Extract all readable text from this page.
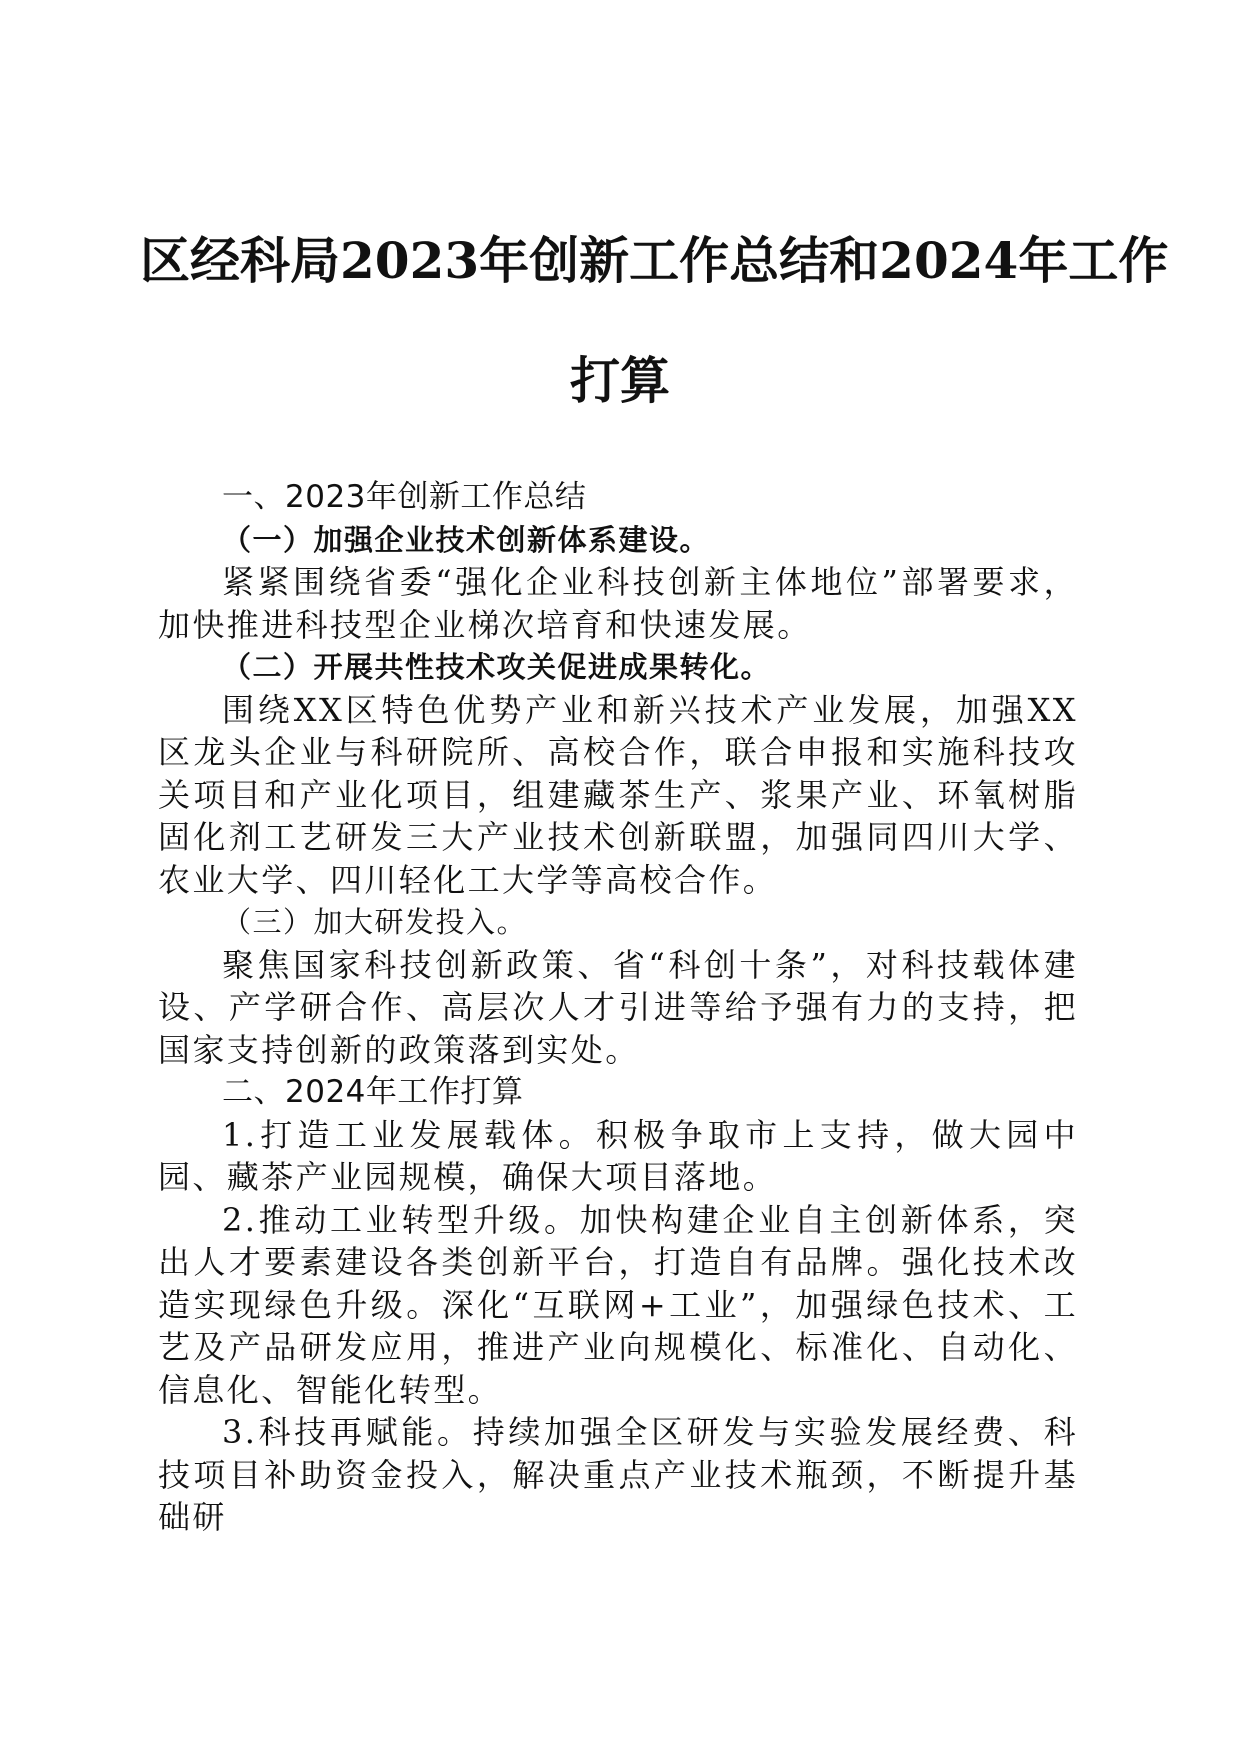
区经科局2023年创新工作总结和2024年工作
打算

一、2023年创新工作总结

（一）加强企业技术创新体系建设。

紧紧围绕省委“强化企业科技创新主体地位”部署要求，加快推进科技型企业梯次培育和快速发展。

（二）开展共性技术攻关促进成果转化。

围绕XX区特色优势产业和新兴技术产业发展，加强XX区龙头企业与科研院所、高校合作，联合申报和实施科技攻关项目和产业化项目，组建藏茶生产、浆果产业、环氧树脂固化剂工艺研发三大产业技术创新联盟，加强同四川大学、农业大学、四川轻化工大学等高校合作。

（三）加大研发投入。

聚焦国家科技创新政策、省“科创十条”，对科技载体建设、产学研合作、高层次人才引进等给予强有力的支持，把国家支持创新的政策落到实处。

二、2024年工作打算

1.打造工业发展载体。积极争取市上支持，做大园中园、藏茶产业园规模，确保大项目落地。

2.推动工业转型升级。加快构建企业自主创新体系，突出人才要素建设各类创新平台，打造自有品牌。强化技术改造实现绿色升级。深化“互联网+工业”，加强绿色技术、工艺及产品研发应用，推进产业向规模化、标准化、自动化、信息化、智能化转型。

3.科技再赋能。持续加强全区研发与实验发展经费、科技项目补助资金投入，解决重点产业技术瓶颈，不断提升基础研
